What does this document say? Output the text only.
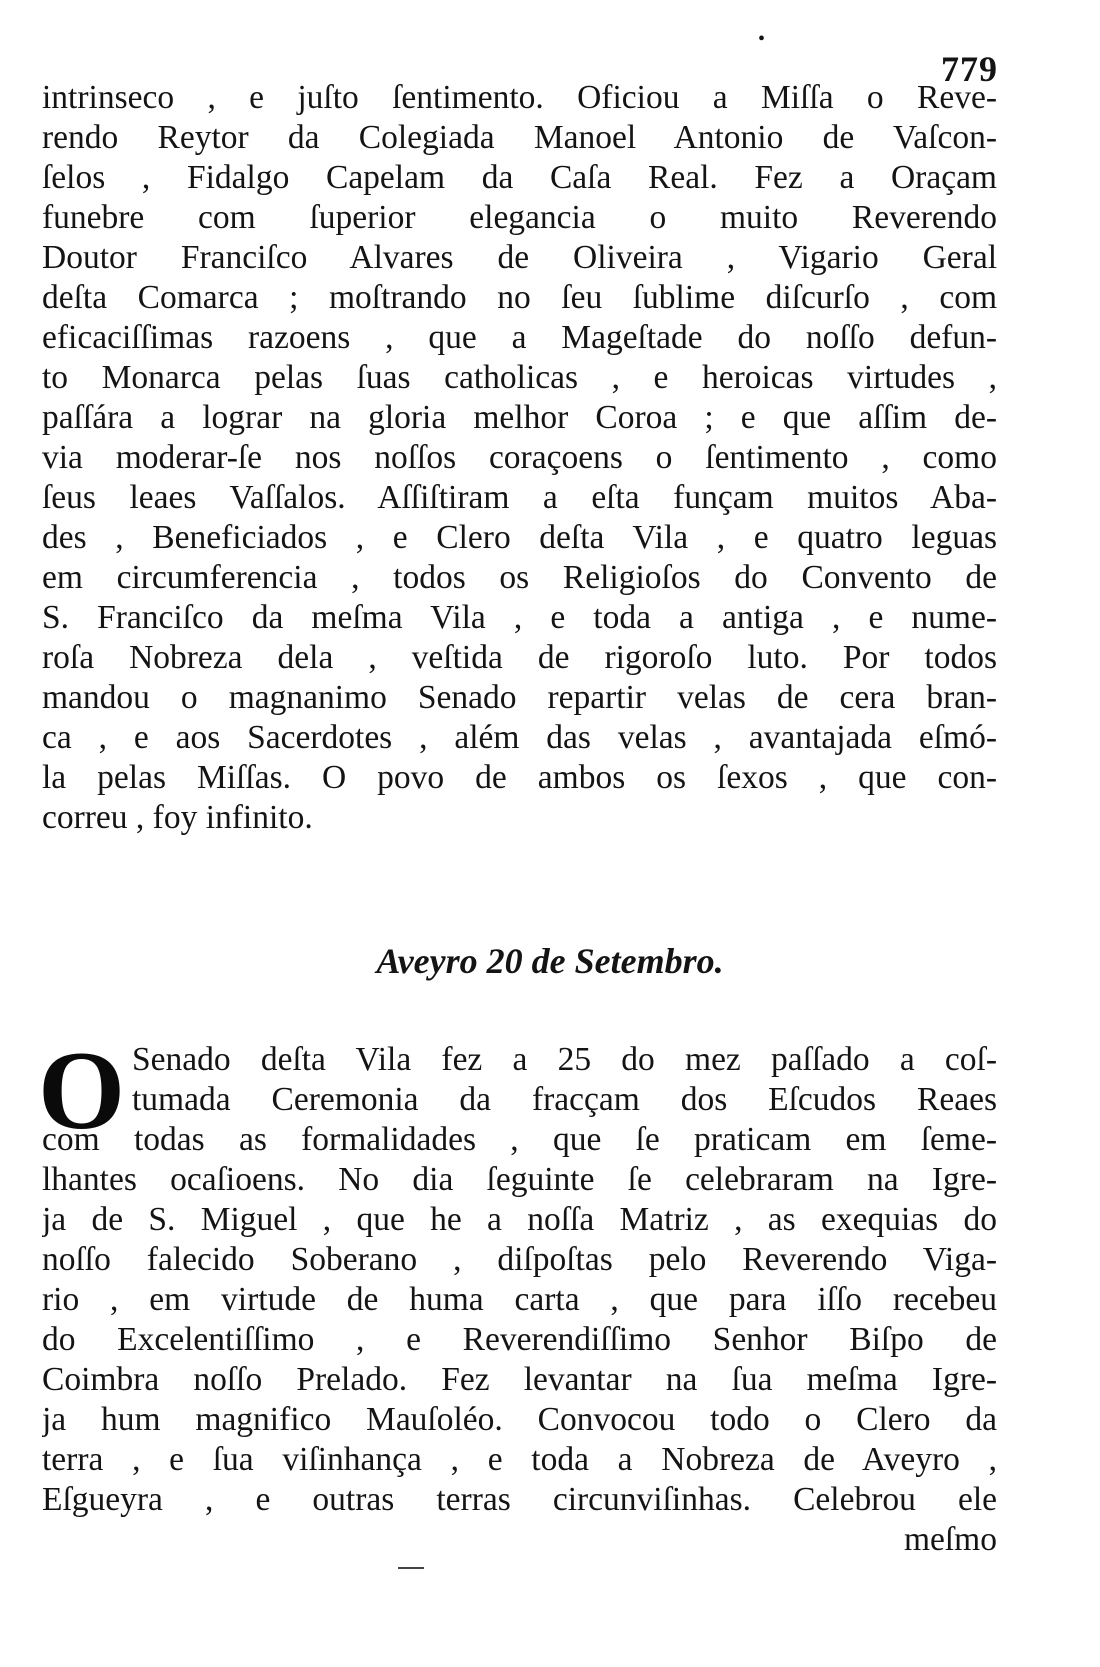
•
779
intrinseco , e juſto ſentimento. Oficiou a Miſſa o Reve-
rendo Reytor da Colegiada Manoel Antonio de Vaſcon-
ſelos , Fidalgo Capelam da Caſa Real. Fez a Oraçam
funebre com ſuperior elegancia o muito Reverendo
Doutor Franciſco Alvares de Oliveira , Vigario Geral
deſta Comarca ; moſtrando no ſeu ſublime diſcurſo , com
eficaciſſimas razoens , que a Mageſtade do noſſo defun-
to Monarca pelas ſuas catholicas , e heroicas virtudes ,
paſſára a lograr na gloria melhor Coroa ; e que aſſim de-
via moderar-ſe nos noſſos coraçoens o ſentimento , como
ſeus leaes Vaſſalos. Aſſiſtiram a eſta funçam muitos Aba-
des , Beneficiados , e Clero deſta Vila , e quatro leguas
em circumferencia , todos os Religioſos do Convento de
S. Franciſco da meſma Vila , e toda a antiga , e nume-
roſa Nobreza dela , veſtida de rigoroſo luto. Por todos
mandou o magnanimo Senado repartir velas de cera bran-
ca , e aos Sacerdotes , além das velas , avantajada eſmó-
la pelas Miſſas. O povo de ambos os ſexos , que con-
correu , foy infinito.
Aveyro 20 de Setembro.
O Senado deſta Vila fez a 25 do mez paſſado a coſ-
tumada Ceremonia da fracçam dos Eſcudos Reaes
com todas as formalidades , que ſe praticam em ſeme-
lhantes ocaſioens. No dia ſeguinte ſe celebraram na Igre-
ja de S. Miguel , que he a noſſa Matriz , as exequias do
noſſo falecido Soberano , diſpoſtas pelo Reverendo Viga-
rio , em virtude de huma carta , que para iſſo recebeu
do Excelentiſſimo , e Reverendiſſimo Senhor Biſpo de
Coimbra noſſo Prelado. Fez levantar na ſua meſma Igre-
ja hum magnifico Mauſoléo. Convocou todo o Clero da
terra , e ſua viſinhança , e toda a Nobreza de Aveyro ,
Eſgueyra , e outras terras circunviſinhas. Celebrou ele
meſmo
